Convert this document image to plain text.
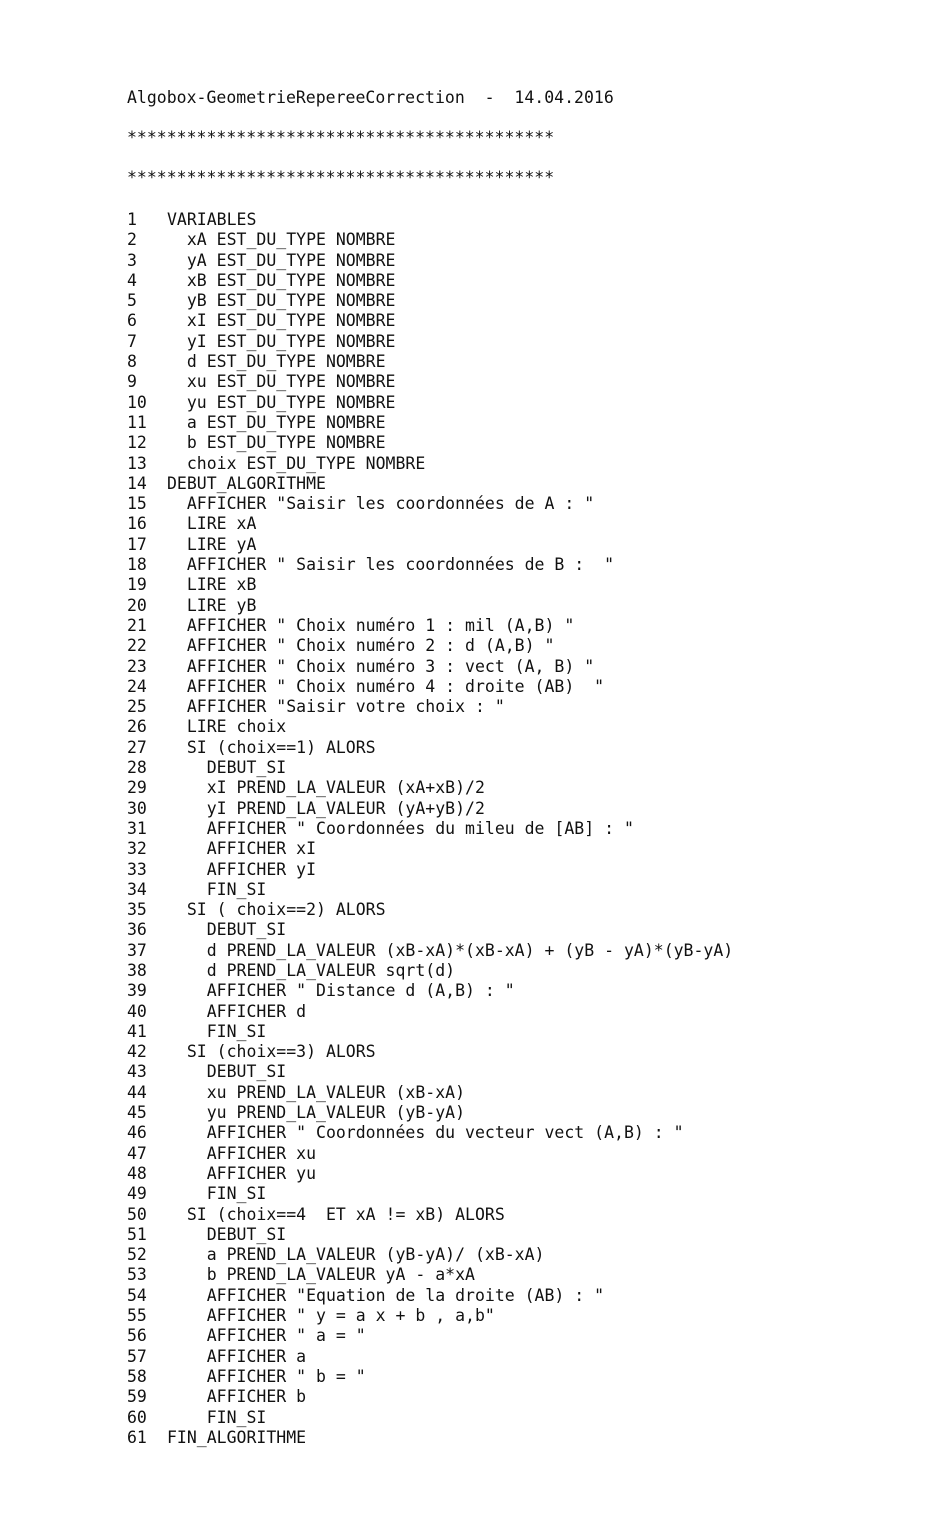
Algobox-GeometrieRepereeCorrection  -  14.04.2016
*******************************************
*******************************************
1	VARIABLES
2	xA EST_DU_TYPE NOMBRE
3	yA EST_DU_TYPE NOMBRE
4	xB EST_DU_TYPE NOMBRE
5	yB EST_DU_TYPE NOMBRE
6	xI EST_DU_TYPE NOMBRE
7	yI EST_DU_TYPE NOMBRE
8	d EST_DU_TYPE NOMBRE
9	xu EST_DU_TYPE NOMBRE
10	yu EST_DU_TYPE NOMBRE
11	a EST_DU_TYPE NOMBRE
12	b EST_DU_TYPE NOMBRE
13	choix EST_DU_TYPE NOMBRE
14	DEBUT_ALGORITHME
15	AFFICHER "Saisir les coordonnées de A : "
16	LIRE xA
17	LIRE yA
18	AFFICHER " Saisir les coordonnées de B :  "
19	LIRE xB
20	LIRE yB
21	AFFICHER " Choix numéro 1 : mil (A,B) "
22	AFFICHER " Choix numéro 2 : d (A,B) "
23	AFFICHER " Choix numéro 3 : vect (A, B) "
24	AFFICHER " Choix numéro 4 : droite (AB)  "
25	AFFICHER "Saisir votre choix : "
26	LIRE choix
27	SI (choix==1) ALORS
28	DEBUT_SI
29	xI PREND_LA_VALEUR (xA+xB)/2
30	yI PREND_LA_VALEUR (yA+yB)/2
31	AFFICHER " Coordonnées du mileu de [AB] : "
32	AFFICHER xI
33	AFFICHER yI
34	FIN_SI
35	SI ( choix==2) ALORS
36	DEBUT_SI
37	d PREND_LA_VALEUR (xB-xA)*(xB-xA) + (yB - yA)*(yB-yA)
38	d PREND_LA_VALEUR sqrt(d)
39	AFFICHER " Distance d (A,B) : "
40	AFFICHER d
41	FIN_SI
42	SI (choix==3) ALORS
43	DEBUT_SI
44	xu PREND_LA_VALEUR (xB-xA)
45	yu PREND_LA_VALEUR (yB-yA)
46	AFFICHER " Coordonnées du vecteur vect (A,B) : "
47	AFFICHER xu
48	AFFICHER yu
49	FIN_SI
50	SI (choix==4  ET xA != xB) ALORS
51	DEBUT_SI
52	a PREND_LA_VALEUR (yB-yA)/ (xB-xA)
53	b PREND_LA_VALEUR yA - a*xA
54	AFFICHER "Equation de la droite (AB) : "
55	AFFICHER " y = a x + b , a,b"
56	AFFICHER " a = "
57	AFFICHER a
58	AFFICHER " b = "
59	AFFICHER b
60	FIN_SI
61	FIN_ALGORITHME
